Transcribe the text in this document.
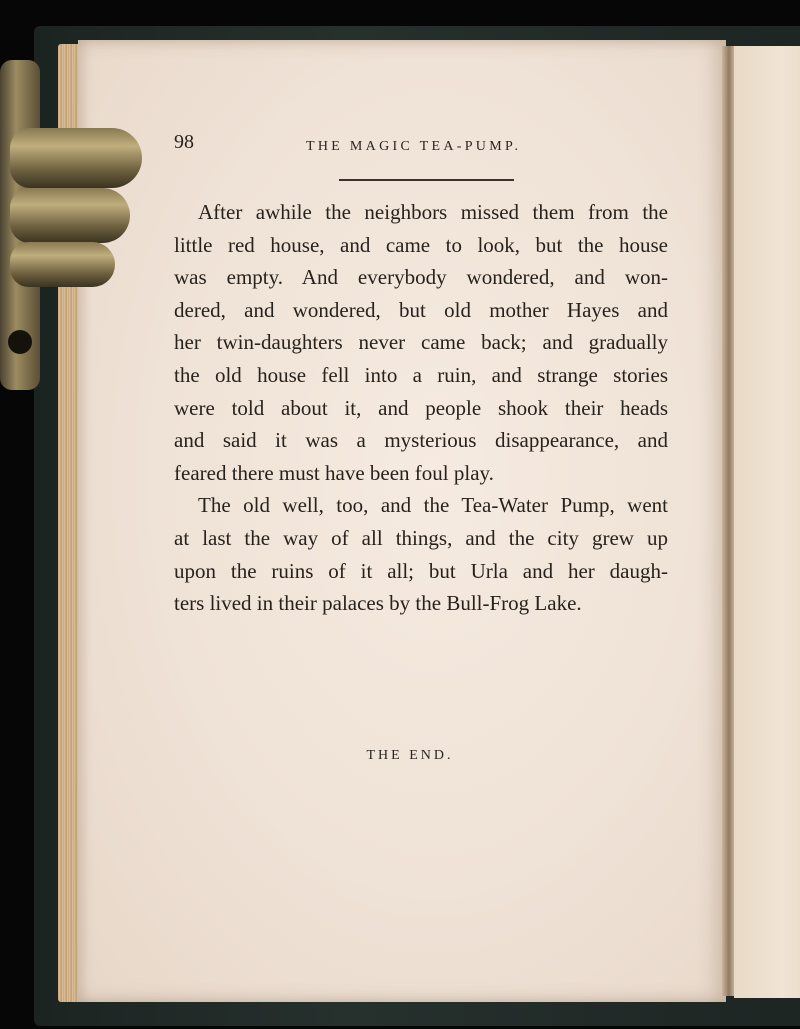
98	THE MAGIC TEA-PUMP.
After awhile the neighbors missed them from the
little red house, and came to look, but the house
was empty. And everybody wondered, and won-
dered, and wondered, but old mother Hayes and
her twin-daughters never came back; and gradually
the old house fell into a ruin, and strange stories
were told about it, and people shook their heads
and said it was a mysterious disappearance, and
feared there must have been foul play.
The old well, too, and the Tea-Water Pump, went
at last the way of all things, and the city grew up
upon the ruins of it all; but Urla and her daugh-
ters lived in their palaces by the Bull-Frog Lake.
THE END.
